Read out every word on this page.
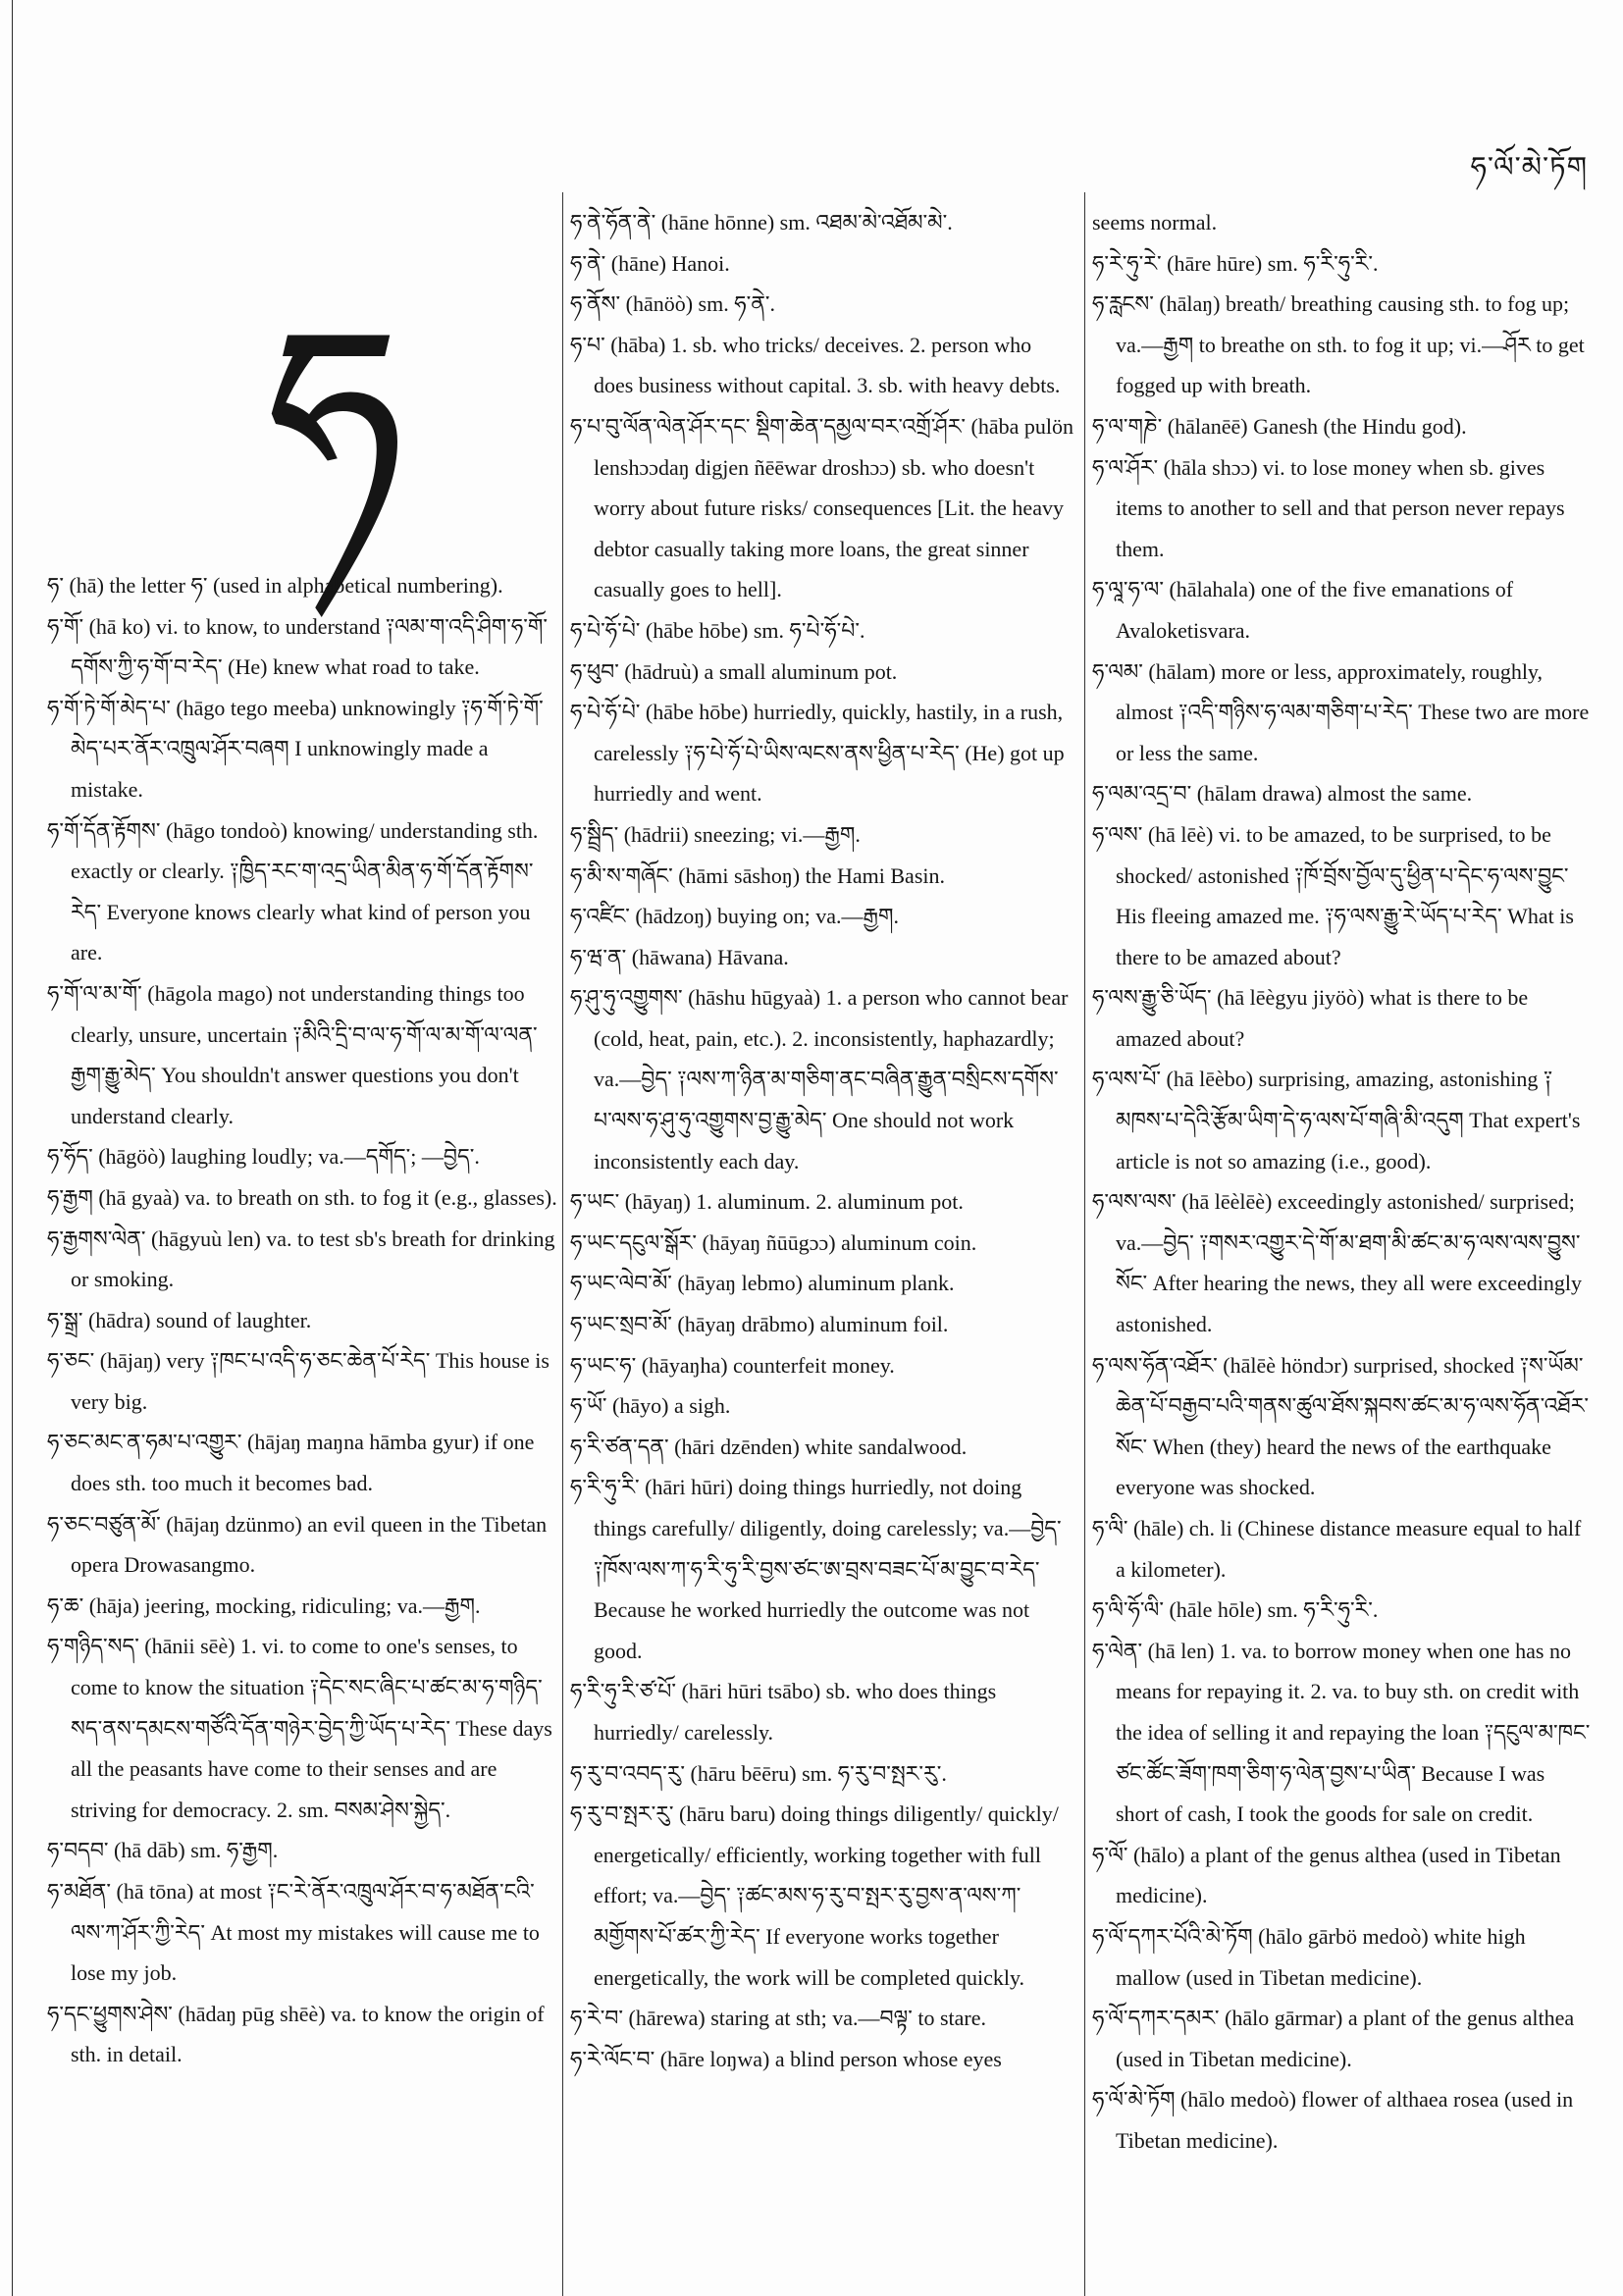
ཧ་ལོ་མེ་ཏོག
ཧ

ཧ་ (hā) the letter ཧ་ (used in alphabetical numbering).

ཧ་གོ་ (hā ko) vi. to know, to understand ༑ལམ་ག་འདི་ཤིག་ཧ་གོ་དགོས་ཀྱི་ཧ་གོ་བ་རེད་ (He) knew what road to take.

ཧ་གོ་ཏེ་གོ་མེད་པ་ (hāgo tego meeba) unknowingly ༑ཧ་གོ་ཏེ་གོ་མེད་པར་ནོར་འཁྲུལ་ཤོར་བཞག I unknowingly made a mistake.

ཧ་གོ་དོན་རྟོགས་ (hāgo tondoò) knowing/ understanding sth. exactly or clearly. ༑ཁྱིད་རང་ག་འདྲ་ཡིན་མིན་ཧ་གོ་དོན་རྟོགས་རེད་ Everyone knows clearly what kind of person you are.

ཧ་གོ་ལ་མ་གོ་ (hāgola mago) not understanding things too clearly, unsure, uncertain ༑མིའི་དྲི་བ་ལ་ཧ་གོ་ལ་མ་གོ་ལ་ལན་རྒྱག་རྒྱུ་མེད་ You shouldn't answer questions you don't understand clearly.

ཧ་ཧོད་ (hāgöò) laughing loudly; va.—དགོད་; —བྱེད་.

ཧ་རྒྱག (hā gyaà) va. to breath on sth. to fog it (e.g., glasses).

ཧ་རྒྱགས་ལེན་ (hāgyuù len) va. to test sb's breath for drinking or smoking.

ཧ་སྒྲ་ (hādra) sound of laughter.

ཧ་ཅང་ (hājaŋ) very ༑ཁང་པ་འདི་ཧ་ཅང་ཆེན་པོ་རེད་ This house is very big.

ཧ་ཅང་མང་ན་ཧམ་པ་འགྱུར་ (hājaŋ maŋna hāmba gyur) if one does sth. too much it becomes bad.

ཧ་ཅང་བཙུན་མོ་ (hājaŋ dzünmo) an evil queen in the Tibetan opera Drowasangmo.

ཧ་ཆ་ (hāja) jeering, mocking, ridiculing; va.—རྒྱག.

ཧ་གཉིད་སད་ (hānii sēè) 1. vi. to come to one's senses, to come to know the situation ༑དེང་སང་ཞིང་པ་ཚང་མ་ཧ་གཉིད་སད་ནས་དམངས་གཙོའི་དོན་གཉེར་བྱེད་ཀྱི་ཡོད་པ་རེད་ These days all the peasants have come to their senses and are striving for democracy. 2. sm. བསམ་ཤེས་སྐྱེད་.

ཧ་བདབ་ (hā dāb) sm. ཧ་རྒྱག.

ཧ་མཐོན་ (hā tōna) at most ༑ང་རེ་ནོར་འཁྲུལ་ཤོར་བ་ཧ་མཐོན་ངའི་ལས་ཀ་ཤོར་ཀྱི་རེད་ At most my mistakes will cause me to lose my job.

ཧ་དང་ཕྱུགས་ཤེས་ (hādaŋ pūg shēè) va. to know the origin of sth. in detail.

ཧ་ནེ་ཧོན་ནེ་ (hāne hōnne) sm. འཐམ་མེ་འཐོམ་མེ་.

ཧ་ནེ་ (hāne) Hanoi.

ཧ་ནོས་ (hānöò) sm. ཧ་ནེ་.

ཧ་པ་ (hāba) 1. sb. who tricks/ deceives. 2. person who does business without capital. 3. sb. with heavy debts.

ཧ་པ་བུ་ལོན་ལེན་ཤོར་དང་ སྡིག་ཆེན་དམྱལ་བར་འགྲོ་ཤོར་ (hāba pulön lenshɔɔdaŋ digjen ñēēwar droshɔɔ) sb. who doesn't worry about future risks/ consequences [Lit. the heavy debtor casually taking more loans, the great sinner casually goes to hell].

ཧ་པེ་ཧོ་པེ་ (hābe hōbe) sm. ཧ་པེ་ཧོ་པེ་.

ཧ་ཕུབ་ (hādruù) a small aluminum pot.

ཧ་པེ་ཧོ་པེ་ (hābe hōbe) hurriedly, quickly, hastily, in a rush, carelessly ༑ཧ་པེ་ཧོ་པེ་ཡིས་ལངས་ནས་ཕྱིན་པ་རེད་ (He) got up hurriedly and went.

ཧ་སྦྲིད་ (hādrii) sneezing; vi.—རྒྱག.

ཧ་མི་ས་གཞོང་ (hāmi sāshoŋ) the Hami Basin.

ཧ་འཛིང་ (hādzoŋ) buying on; va.—རྒྱག.

ཧ་ཝ་ན་ (hāwana) Hāvana.

ཧ་ཤུ་ཧུ་འགྱུགས་ (hāshu hūgyaà) 1. a person who cannot bear (cold, heat, pain, etc.). 2. inconsistently, haphazardly; va.—བྱེད་ ༑ལས་ཀ་ཉིན་མ་གཅིག་ནང་བཞིན་རྒྱུན་བསྲིངས་དགོས་པ་ལས་ཧ་ཤུ་ཧུ་འགྱུགས་བྱ་རྒྱུ་མེད་ One should not work inconsistently each day.

ཧ་ཡང་ (hāyaŋ) 1. aluminum. 2. aluminum pot.

ཧ་ཡང་དངུལ་སྒོར་ (hāyaŋ ñūūgɔɔ) aluminum coin.

ཧ་ཡང་ལེབ་མོ་ (hāyaŋ lebmo) aluminum plank.

ཧ་ཡང་སྲབ་མོ་ (hāyaŋ drābmo) aluminum foil.

ཧ་ཡང་ཧ་ (hāyaŋha) counterfeit money.

ཧ་ཡོ་ (hāyo) a sigh.

ཧ་རི་ཙན་དན་ (hāri dzēnden) white sandalwood.

ཧ་རི་ཧུ་རི་ (hāri hūri) doing things hurriedly, not doing things carefully/ diligently, doing carelessly; va.—བྱེད་ ༑ཁོས་ལས་ཀ་ཧ་རི་ཧུ་རི་བྱས་ཙང་ཨ་བྲས་བཟང་པོ་མ་བྱུང་བ་རེད་ Because he worked hurriedly the outcome was not good.

ཧ་རི་ཧུ་རི་ཙ་པོ་ (hāri hūri tsābo) sb. who does things hurriedly/ carelessly.

ཧ་རུ་བ་འབད་རུ་ (hāru bēēru) sm. ཧ་རུ་བ་སྤར་རུ་.

ཧ་རུ་བ་སྤར་རུ་ (hāru baru) doing things diligently/ quickly/ energetically/ efficiently, working together with full effort; va.—བྱེད་ ༑ཚང་མས་ཧ་རུ་བ་སྤར་རུ་བྱས་ན་ལས་ཀ་མགྱོགས་པོ་ཚར་ཀྱི་རེད་ If everyone works together energetically, the work will be completed quickly.

ཧ་རེ་བ་ (hārewa) staring at sth; va.—བལྟ་ to stare.

ཧ་རེ་ལོང་བ་ (hāre loŋwa) a blind person whose eyes

seems normal.

ཧ་རེ་ཧུ་རེ་ (hāre hūre) sm. ཧ་རི་ཧུ་རི་.

ཧ་རླངས་ (hālaŋ) breath/ breathing causing sth. to fog up; va.—རྒྱག to breathe on sth. to fog it up; vi.—ཤོར to get fogged up with breath.

ཧ་ལ་གཎེ་ (hālanēē) Ganesh (the Hindu god).

ཧ་ལ་ཤོར་ (hāla shɔɔ) vi. to lose money when sb. gives items to another to sell and that person never repays them.

ཧ་ལཱ་ཧ་ལ་ (hālahala) one of the five emanations of Avaloketisvara.

ཧ་ལམ་ (hālam) more or less, approximately, roughly, almost ༑འདི་གཉིས་ཧ་ལམ་གཅིག་པ་རེད་ These two are more or less the same.

ཧ་ལམ་འདྲ་བ་ (hālam drawa) almost the same.

ཧ་ལས་ (hā lēè) vi. to be amazed, to be surprised, to be shocked/ astonished ༑ཁོ་བྲོས་བྱོལ་དུ་ཕྱིན་པ་དེང་ཧ་ལས་བྱུང་ His fleeing amazed me. ༑ཧ་ལས་རྒྱུ་རེ་ཡོད་པ་རེད་ What is there to be amazed about?

ཧ་ལས་རྒྱུ་ཅི་ཡོད་ (hā lēègyu jiyöò) what is there to be amazed about?

ཧ་ལས་པོ་ (hā lēèbo) surprising, amazing, astonishing ༑མཁས་པ་དེའི་རྩོམ་ཡིག་དེ་ཧ་ལས་པོ་གཞི་མི་འདུག That expert's article is not so amazing (i.e., good).

ཧ་ལས་ལས་ (hā lēèlēè) exceedingly astonished/ surprised; va.—བྱེད་ ༑གསར་འགྱུར་དེ་གོ་མ་ཐག་མི་ཚང་མ་ཧ་ལས་ལས་བྱུས་སོང་ After hearing the news, they all were exceedingly astonished.

ཧ་ལས་ཧོན་འཐོར་ (hālēè höndɔr) surprised, shocked ༑ས་ཡོམ་ཆེན་པོ་བརྒྱབ་པའི་གནས་ཚུལ་ཐོས་སྐབས་ཚང་མ་ཧ་ལས་ཧོན་འཐོར་སོང་ When (they) heard the news of the earthquake everyone was shocked.

ཧ་ལི་ (hāle) ch. li (Chinese distance measure equal to half a kilometer).

ཧ་ལི་ཧོ་ལི་ (hāle hōle) sm. ཧ་རི་ཧུ་རི་.

ཧ་ལེན་ (hā len) 1. va. to borrow money when one has no means for repaying it. 2. va. to buy sth. on credit with the idea of selling it and repaying the loan ༑དངུལ་མ་ཁང་ཙང་ཚོང་ཟོག་ཁག་ཅིག་ཧ་ལེན་བྱས་པ་ཡིན་ Because I was short of cash, I took the goods for sale on credit.

ཧ་ལོ་ (hālo) a plant of the genus althea (used in Tibetan medicine).

ཧ་ལོ་དཀར་པོའི་མེ་ཏོག (hālo gārbö medoò) white high mallow (used in Tibetan medicine).

ཧ་ལོ་དཀར་དམར་ (hālo gārmar) a plant of the genus althea (used in Tibetan medicine).

ཧ་ལོ་མེ་ཏོག (hālo medoò) flower of althaea rosea (used in Tibetan medicine).
